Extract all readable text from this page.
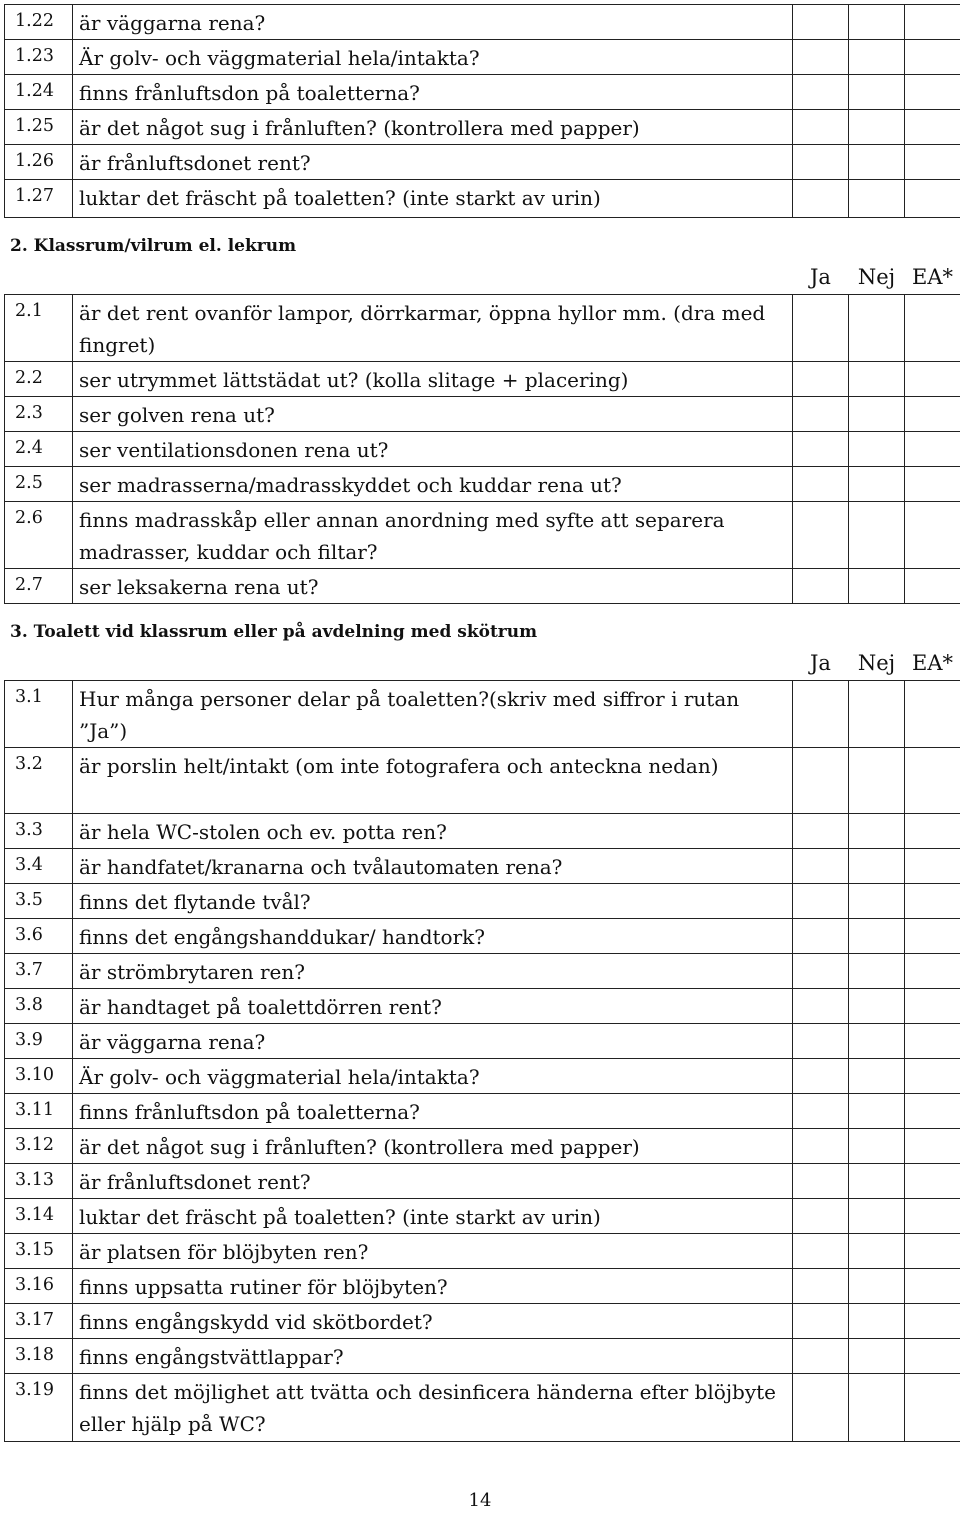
1.22	är väggarna rena?			
1.23	Är golv- och väggmaterial hela/intakta?			
1.24	finns frånluftsdon på toaletterna?			
1.25	är det något sug i frånluften? (kontrollera med papper)			
1.26	är frånluftsdonet rent?			
1.27	luktar det fräscht på toaletten? (inte starkt av urin)			
2. Klassrum/vilrum el. lekrum
		Ja	Nej	EA*
2.1	är det rent ovanför lampor, dörrkarmar, öppna hyllor mm. (dra med fingret)			
2.2	ser utrymmet lättstädat ut? (kolla slitage + placering)			
2.3	ser golven rena ut?			
2.4	ser ventilationsdonen rena ut?			
2.5	ser madrasserna/madrasskyddet och kuddar rena ut?			
2.6	finns madrasskåp eller annan anordning med syfte att separera madrasser, kuddar och filtar?			
2.7	ser leksakerna rena ut?			
3. Toalett vid klassrum eller på avdelning med skötrum
		Ja	Nej	EA*
3.1	Hur många personer delar på toaletten?(skriv med siffror i rutan ”Ja”)			
3.2	är porslin helt/intakt (om inte fotografera och anteckna nedan)			
3.3	är hela WC-stolen och ev. potta ren?			
3.4	är handfatet/kranarna och tvålautomaten rena?			
3.5	finns det flytande tvål?			
3.6	finns det engångshanddukar/ handtork?			
3.7	är strömbrytaren ren?			
3.8	är handtaget på toalettdörren rent?			
3.9	är väggarna rena?			
3.10	Är golv- och väggmaterial hela/intakta?			
3.11	finns frånluftsdon på toaletterna?			
3.12	är det något sug i frånluften? (kontrollera med papper)			
3.13	är frånluftsdonet rent?			
3.14	luktar det fräscht på toaletten? (inte starkt av urin)			
3.15	är platsen för blöjbyten ren?			
3.16	finns uppsatta rutiner för blöjbyten?			
3.17	finns engångskydd vid skötbordet?			
3.18	finns engångstvättlappar?			
3.19	finns det möjlighet att tvätta och desinficera händerna efter blöjbyte eller hjälp på WC?			
14
